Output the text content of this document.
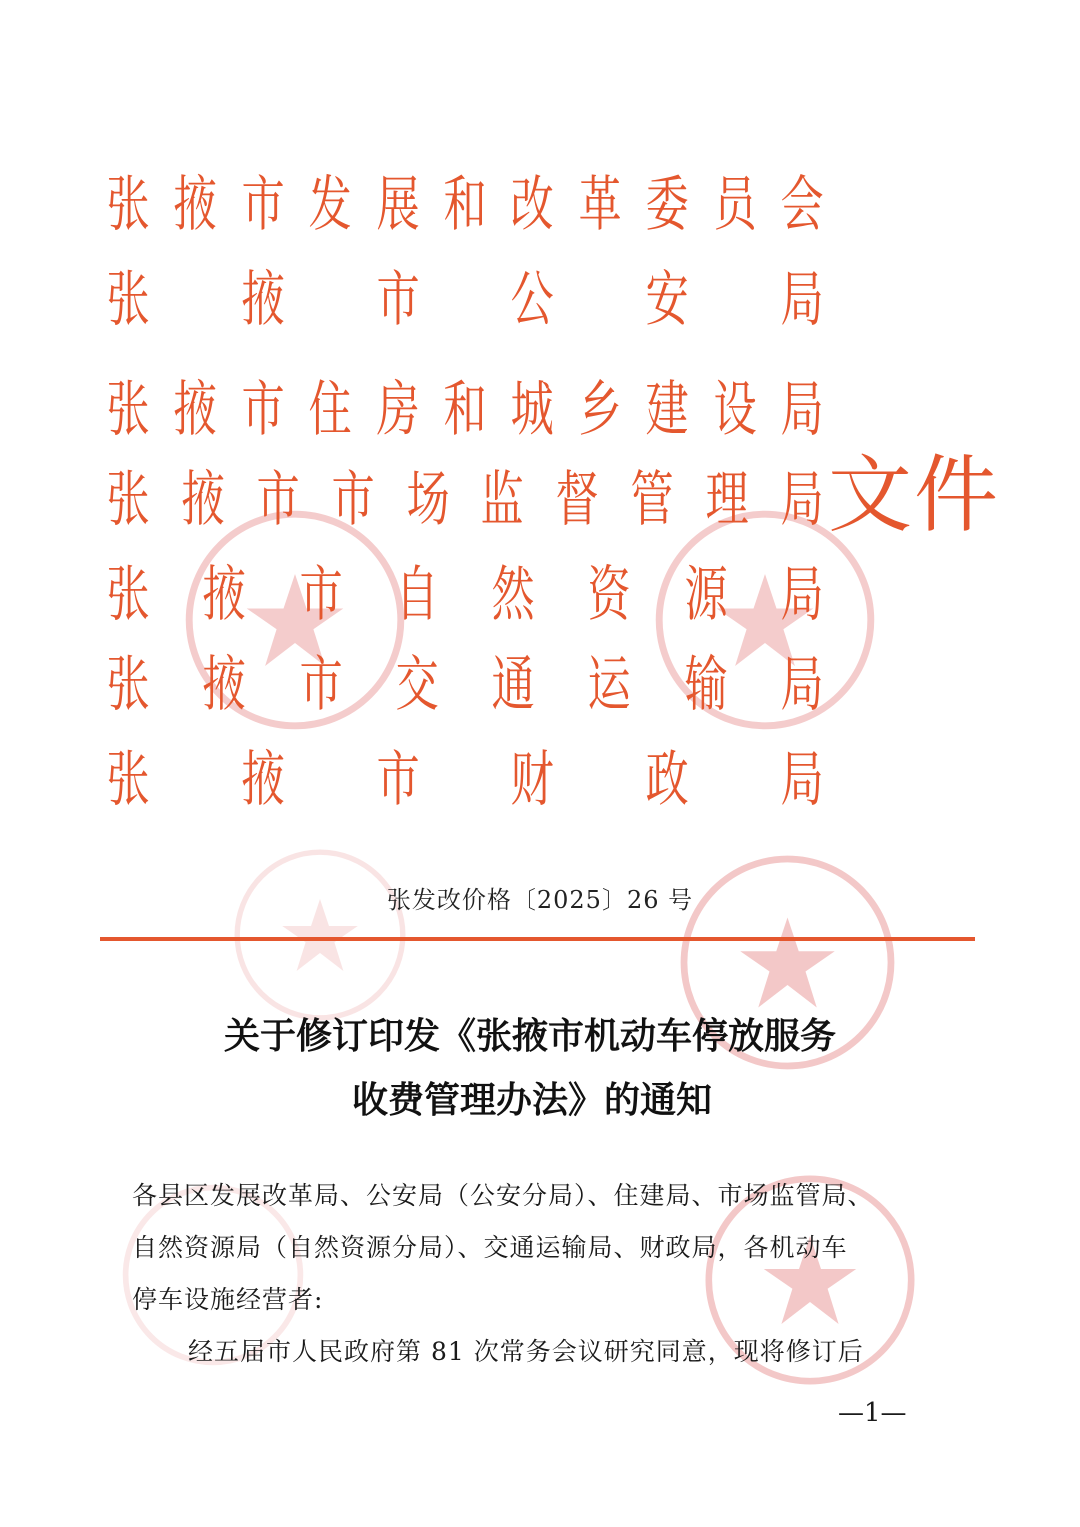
张 掖 市 发 展 和 改 革 委 员 会
张 掖 市 公 安 局
张 掖 市 住 房 和 城 乡 建 设 局
张 掖 市 市 场 监 督 管 理 局
张 掖 市 自 然 资 源 局
张 掖 市 交 通 运 输 局
张 掖 市 财 政 局
文件
张发改价格〔2025〕26 号
关于修订印发《张掖市机动车停放服务
收费管理办法》的通知
各县区发展改革局、公安局（公安分局）、住建局、市场监管局、
自然资源局（自然资源分局）、交通运输局、财政局，各机动车
停车设施经营者:
经五届市人民政府第 81 次常务会议研究同意，现将修订后
—1—
